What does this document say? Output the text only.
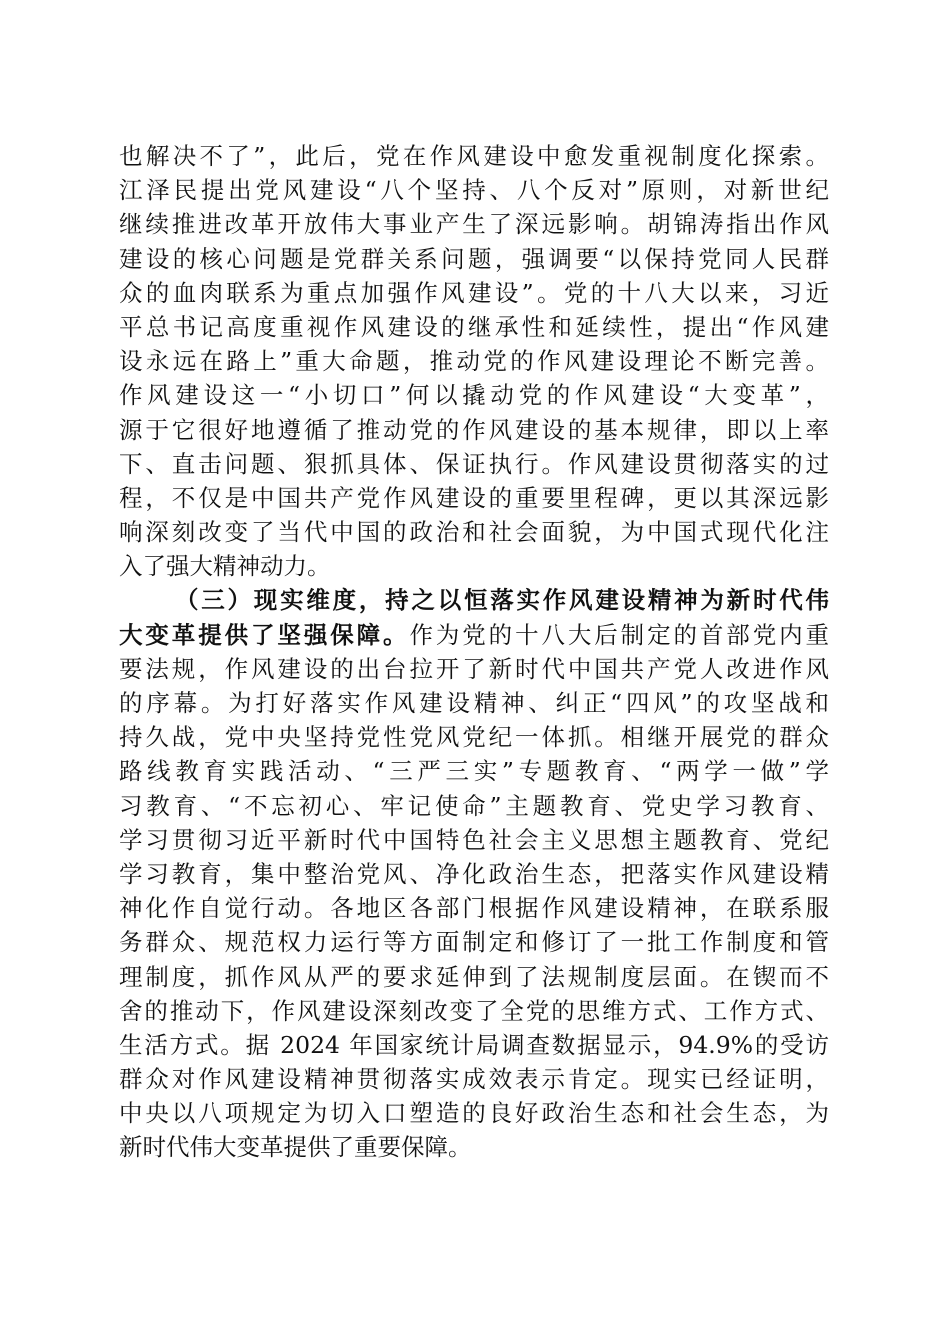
也解决不了”，此后，党在作风建设中愈发重视制度化探索。
江泽民提出党风建设“八个坚持、八个反对”原则，对新世纪
继续推进改革开放伟大事业产生了深远影响。胡锦涛指出作风
建设的核心问题是党群关系问题，强调要“以保持党同人民群
众的血肉联系为重点加强作风建设”。党的十八大以来，习近
平总书记高度重视作风建设的继承性和延续性，提出“作风建
设永远在路上”重大命题，推动党的作风建设理论不断完善。
作风建设这一“小切口”何以撬动党的作风建设“大变革”，
源于它很好地遵循了推动党的作风建设的基本规律，即以上率
下、直击问题、狠抓具体、保证执行。作风建设贯彻落实的过
程，不仅是中国共产党作风建设的重要里程碑，更以其深远影
响深刻改变了当代中国的政治和社会面貌，为中国式现代化注
入了强大精神动力。
（三）现实维度，持之以恒落实作风建设精神为新时代伟
大变革提供了坚强保障。作为党的十八大后制定的首部党内重
要法规，作风建设的出台拉开了新时代中国共产党人改进作风
的序幕。为打好落实作风建设精神、纠正“四风”的攻坚战和
持久战，党中央坚持党性党风党纪一体抓。相继开展党的群众
路线教育实践活动、“三严三实”专题教育、“两学一做”学
习教育、“不忘初心、牢记使命”主题教育、党史学习教育、
学习贯彻习近平新时代中国特色社会主义思想主题教育、党纪
学习教育，集中整治党风、净化政治生态，把落实作风建设精
神化作自觉行动。各地区各部门根据作风建设精神，在联系服
务群众、规范权力运行等方面制定和修订了一批工作制度和管
理制度，抓作风从严的要求延伸到了法规制度层面。在锲而不
舍的推动下，作风建设深刻改变了全党的思维方式、工作方式、
生活方式。据 2024 年国家统计局调查数据显示，94.9%的受访
群众对作风建设精神贯彻落实成效表示肯定。现实已经证明，
中央以八项规定为切入口塑造的良好政治生态和社会生态，为
新时代伟大变革提供了重要保障。
